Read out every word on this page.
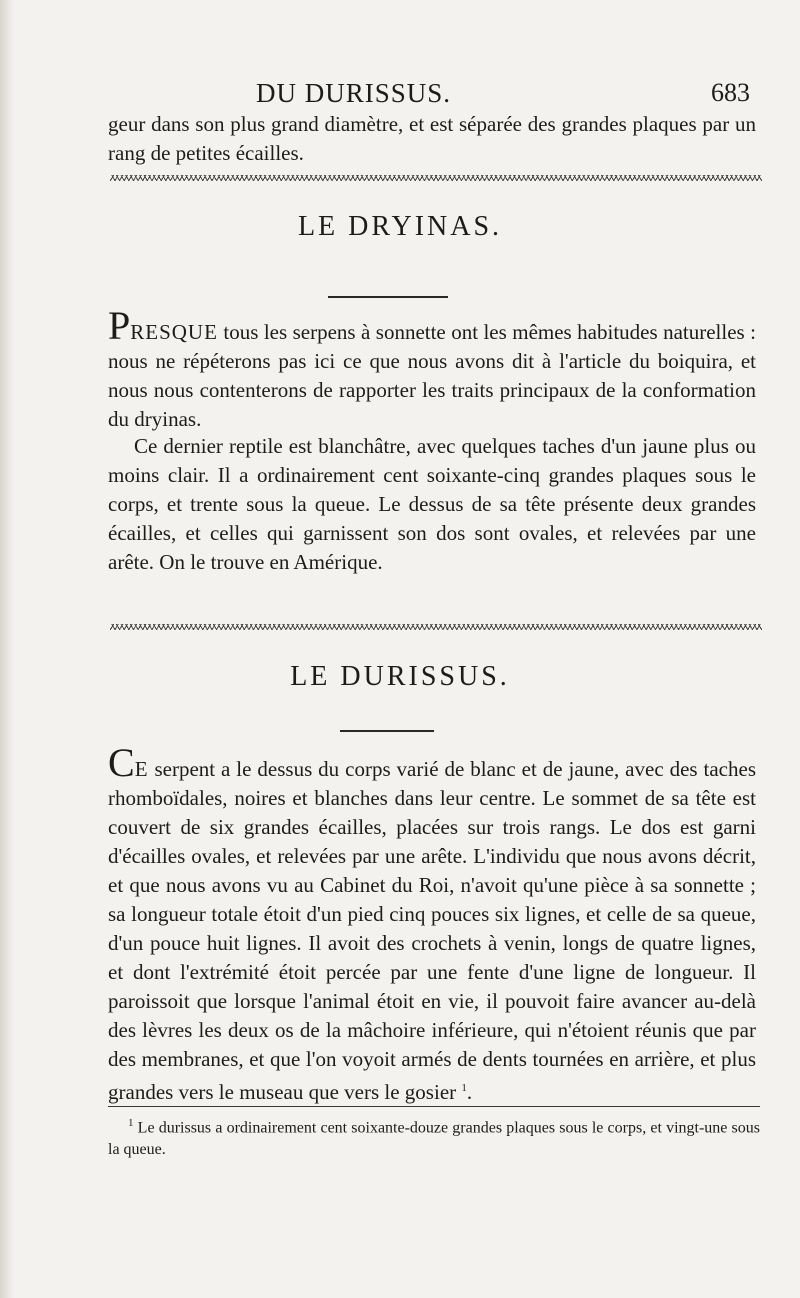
DU DURISSUS.	683

geur dans son plus grand diamètre, et est séparée des grandes plaques par un rang de petites écailles.

LE DRYINAS.

PRESQUE tous les serpens à sonnette ont les mêmes habitudes naturelles : nous ne répéterons pas ici ce que nous avons dit à l'article du boiquira, et nous nous contenterons de rapporter les traits principaux de la conformation du dryinas.

Ce dernier reptile est blanchâtre, avec quelques taches d'un jaune plus ou moins clair. Il a ordinairement cent soixante-cinq grandes plaques sous le corps, et trente sous la queue. Le dessus de sa tête présente deux grandes écailles, et celles qui garnissent son dos sont ovales, et relevées par une arête. On le trouve en Amérique.

LE DURISSUS.

CE serpent a le dessus du corps varié de blanc et de jaune, avec des taches rhomboïdales, noires et blanches dans leur centre. Le sommet de sa tête est couvert de six grandes écailles, placées sur trois rangs. Le dos est garni d'écailles ovales, et relevées par une arête. L'individu que nous avons décrit, et que nous avons vu au Cabinet du Roi, n'avoit qu'une pièce à sa sonnette ; sa longueur totale étoit d'un pied cinq pouces six lignes, et celle de sa queue, d'un pouce huit lignes. Il avoit des crochets à venin, longs de quatre lignes, et dont l'extrémité étoit percée par une fente d'une ligne de longueur. Il paroissoit que lorsque l'animal étoit en vie, il pouvoit faire avancer au-delà des lèvres les deux os de la mâchoire inférieure, qui n'étoient réunis que par des membranes, et que l'on voyoit armés de dents tournées en arrière, et plus grandes vers le museau que vers le gosier $^1$.

$^1$ Le durissus a ordinairement cent soixante-douze grandes plaques sous le corps, et vingt-une sous la queue.
